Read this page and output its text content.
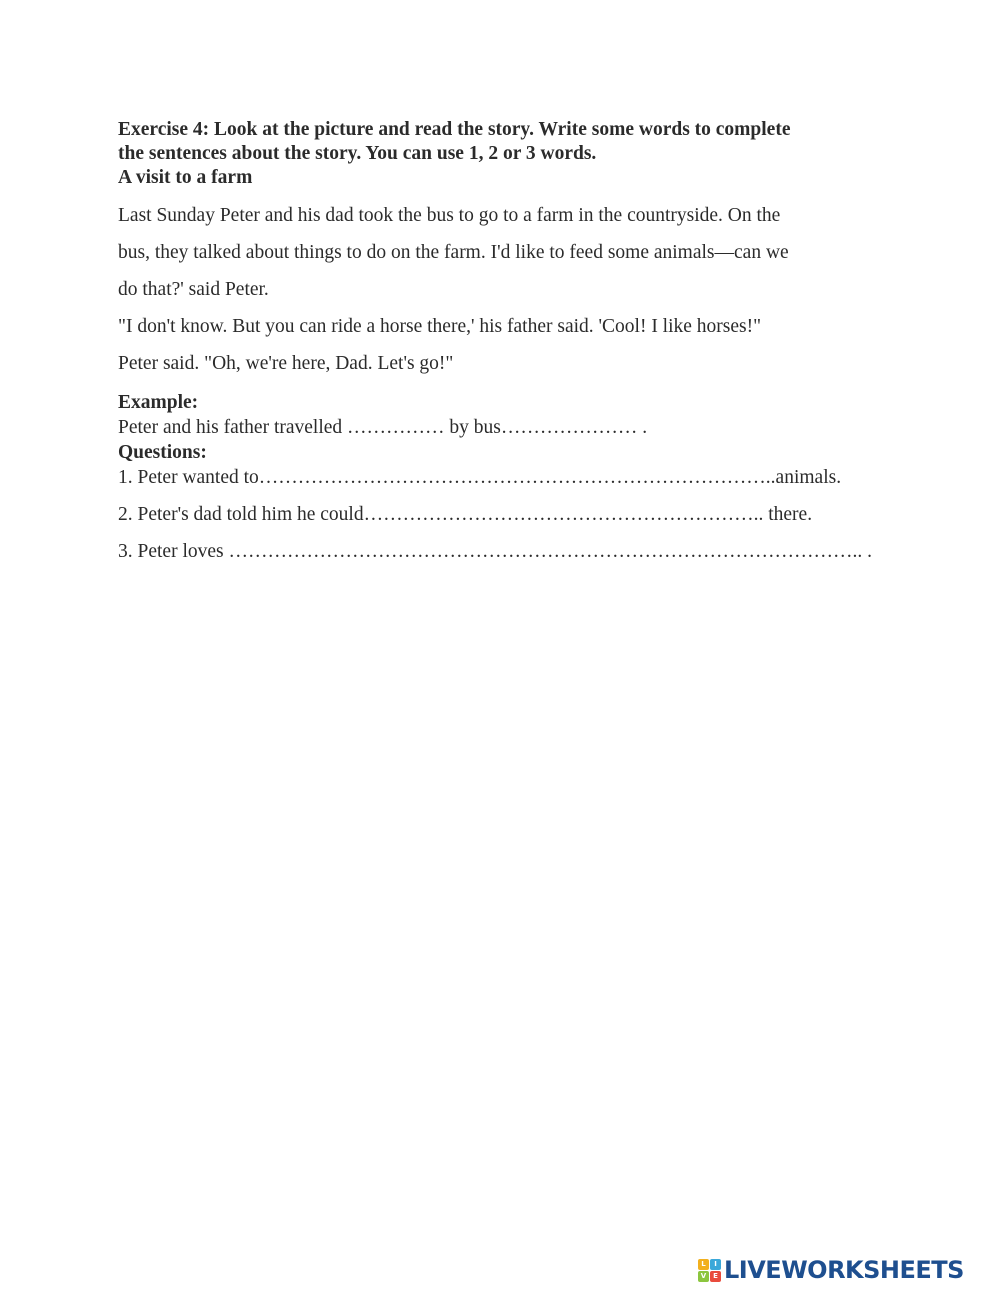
Exercise 4: Look at the picture and read the story. Write some words to complete
the sentences about the story. You can use 1, 2 or 3 words.

A visit to a farm

Last Sunday Peter and his dad took the bus to go to a farm in the countryside. On the

bus, they talked about things to do on the farm. I'd like to feed some animals—can we

do that?' said Peter.

"I don't know. But you can ride a horse there,' his father said. 'Cool! I like horses!"

Peter said. "Oh, we're here, Dad. Let's go!"

Example:

Peter and his father travelled …………… by bus………………… .

Questions:

1. Peter wanted to……………………………………………………………………..animals.

2. Peter's dad told him he could…………………………………………………….. there.

3. Peter loves …………………………………………………………………………………….. .

L	I
V E LIVEWORKSHEETS
